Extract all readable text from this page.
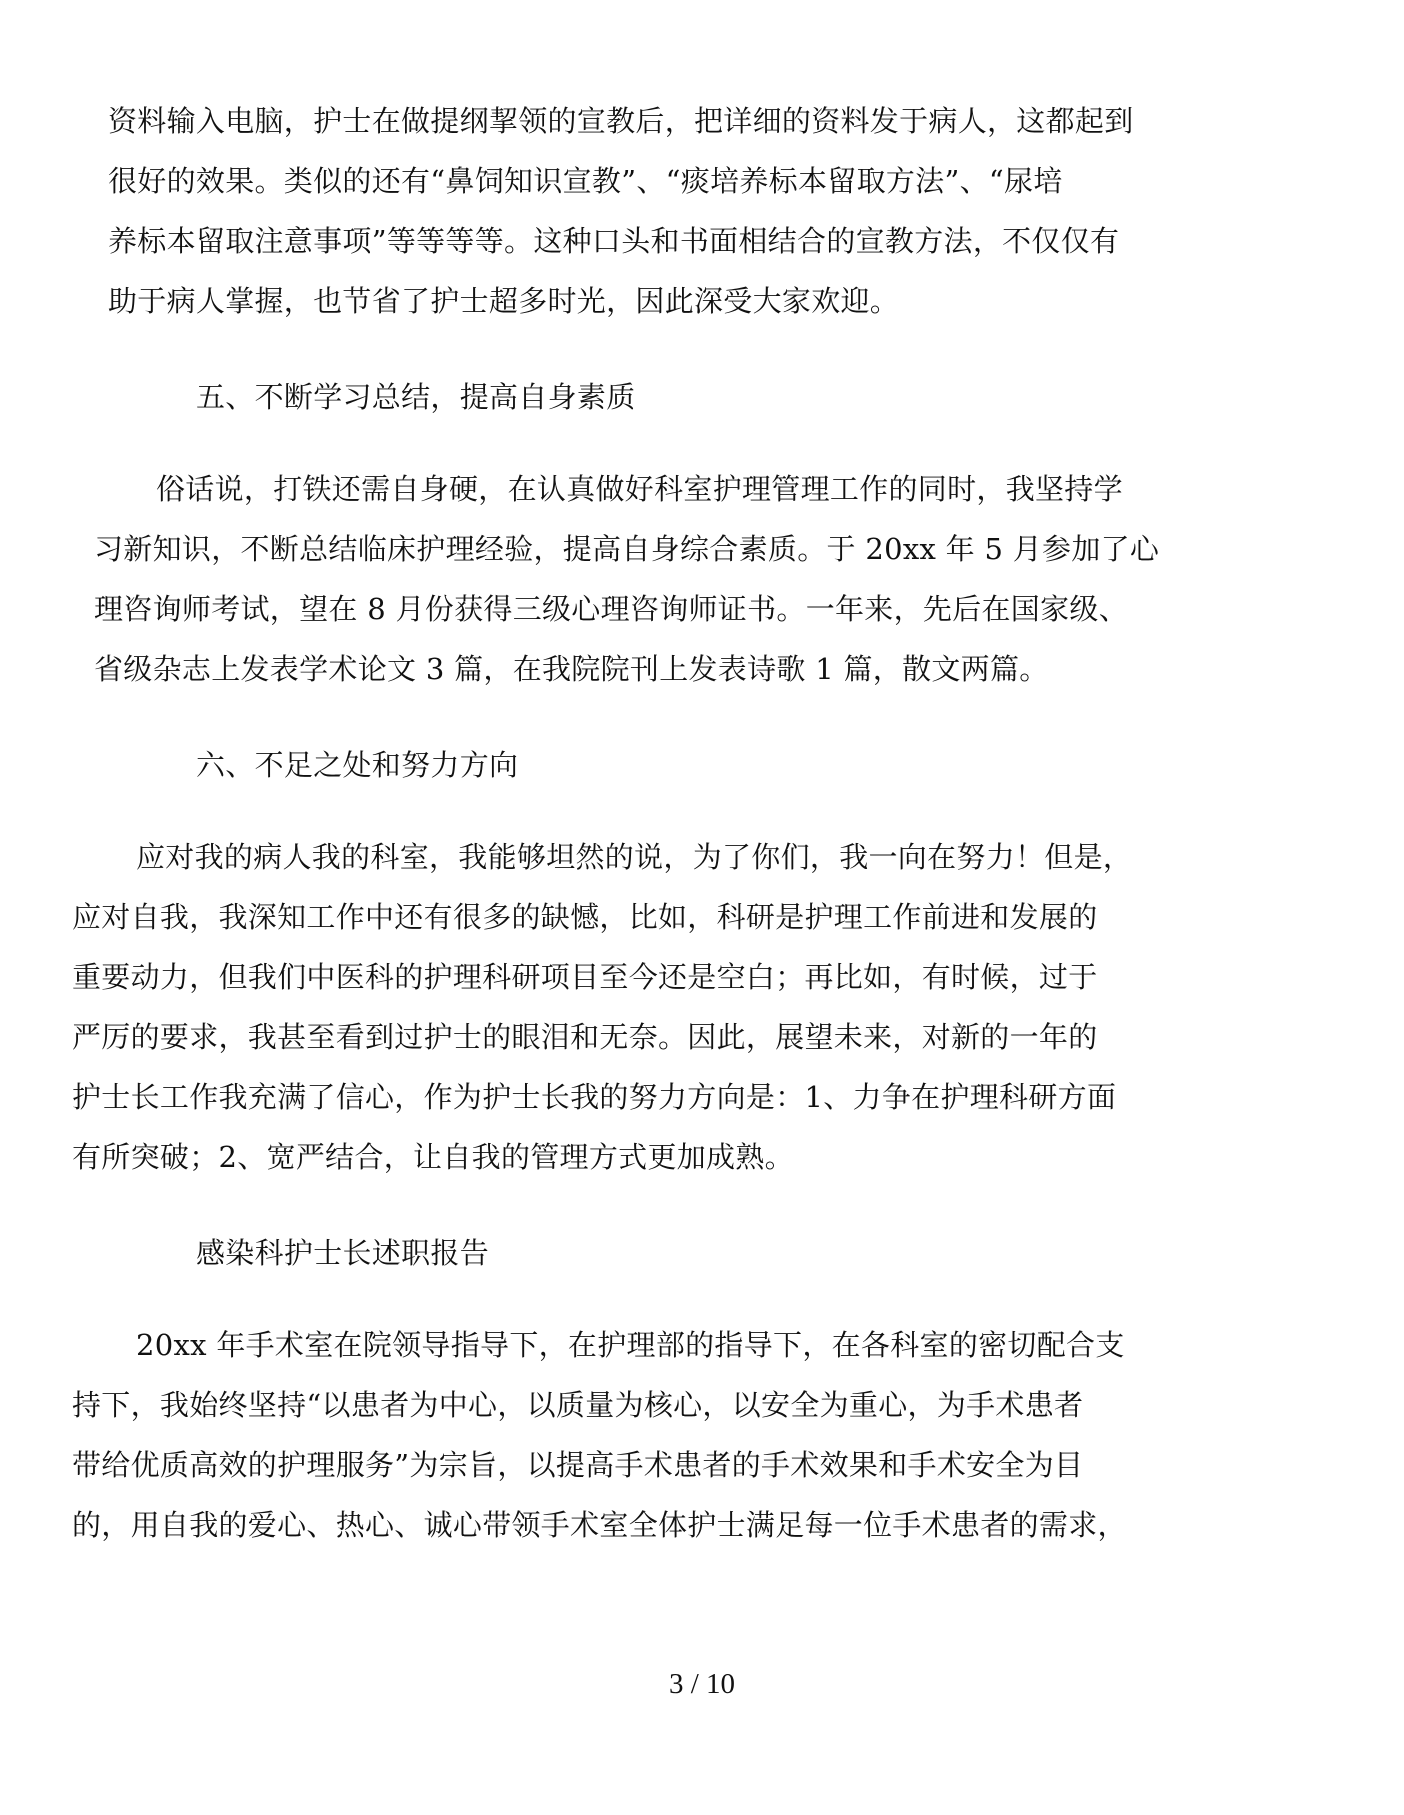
资料输入电脑，护士在做提纲挈领的宣教后，把详细的资料发于病人，这都起到
很好的效果。类似的还有“鼻饲知识宣教”、“痰培养标本留取方法”、“尿培
养标本留取注意事项”等等等等。这种口头和书面相结合的宣教方法，不仅仅有
助于病人掌握，也节省了护士超多时光，因此深受大家欢迎。
五、不断学习总结，提高自身素质
俗话说，打铁还需自身硬，在认真做好科室护理管理工作的同时，我坚持学
习新知识，不断总结临床护理经验，提高自身综合素质。于 20xx 年 5 月参加了心
理咨询师考试，望在 8 月份获得三级心理咨询师证书。一年来，先后在国家级、
省级杂志上发表学术论文 3 篇，在我院院刊上发表诗歌 1 篇，散文两篇。
六、不足之处和努力方向
应对我的病人我的科室，我能够坦然的说，为了你们，我一向在努力！但是，
应对自我，我深知工作中还有很多的缺憾，比如，科研是护理工作前进和发展的
重要动力，但我们中医科的护理科研项目至今还是空白；再比如，有时候，过于
严厉的要求，我甚至看到过护士的眼泪和无奈。因此，展望未来，对新的一年的
护士长工作我充满了信心，作为护士长我的努力方向是：1、力争在护理科研方面
有所突破；2、宽严结合，让自我的管理方式更加成熟。
感染科护士长述职报告
20xx 年手术室在院领导指导下，在护理部的指导下，在各科室的密切配合支
持下，我始终坚持“以患者为中心，以质量为核心，以安全为重心，为手术患者
带给优质高效的护理服务”为宗旨，以提高手术患者的手术效果和手术安全为目
的，用自我的爱心、热心、诚心带领手术室全体护士满足每一位手术患者的需求，
3 / 10
